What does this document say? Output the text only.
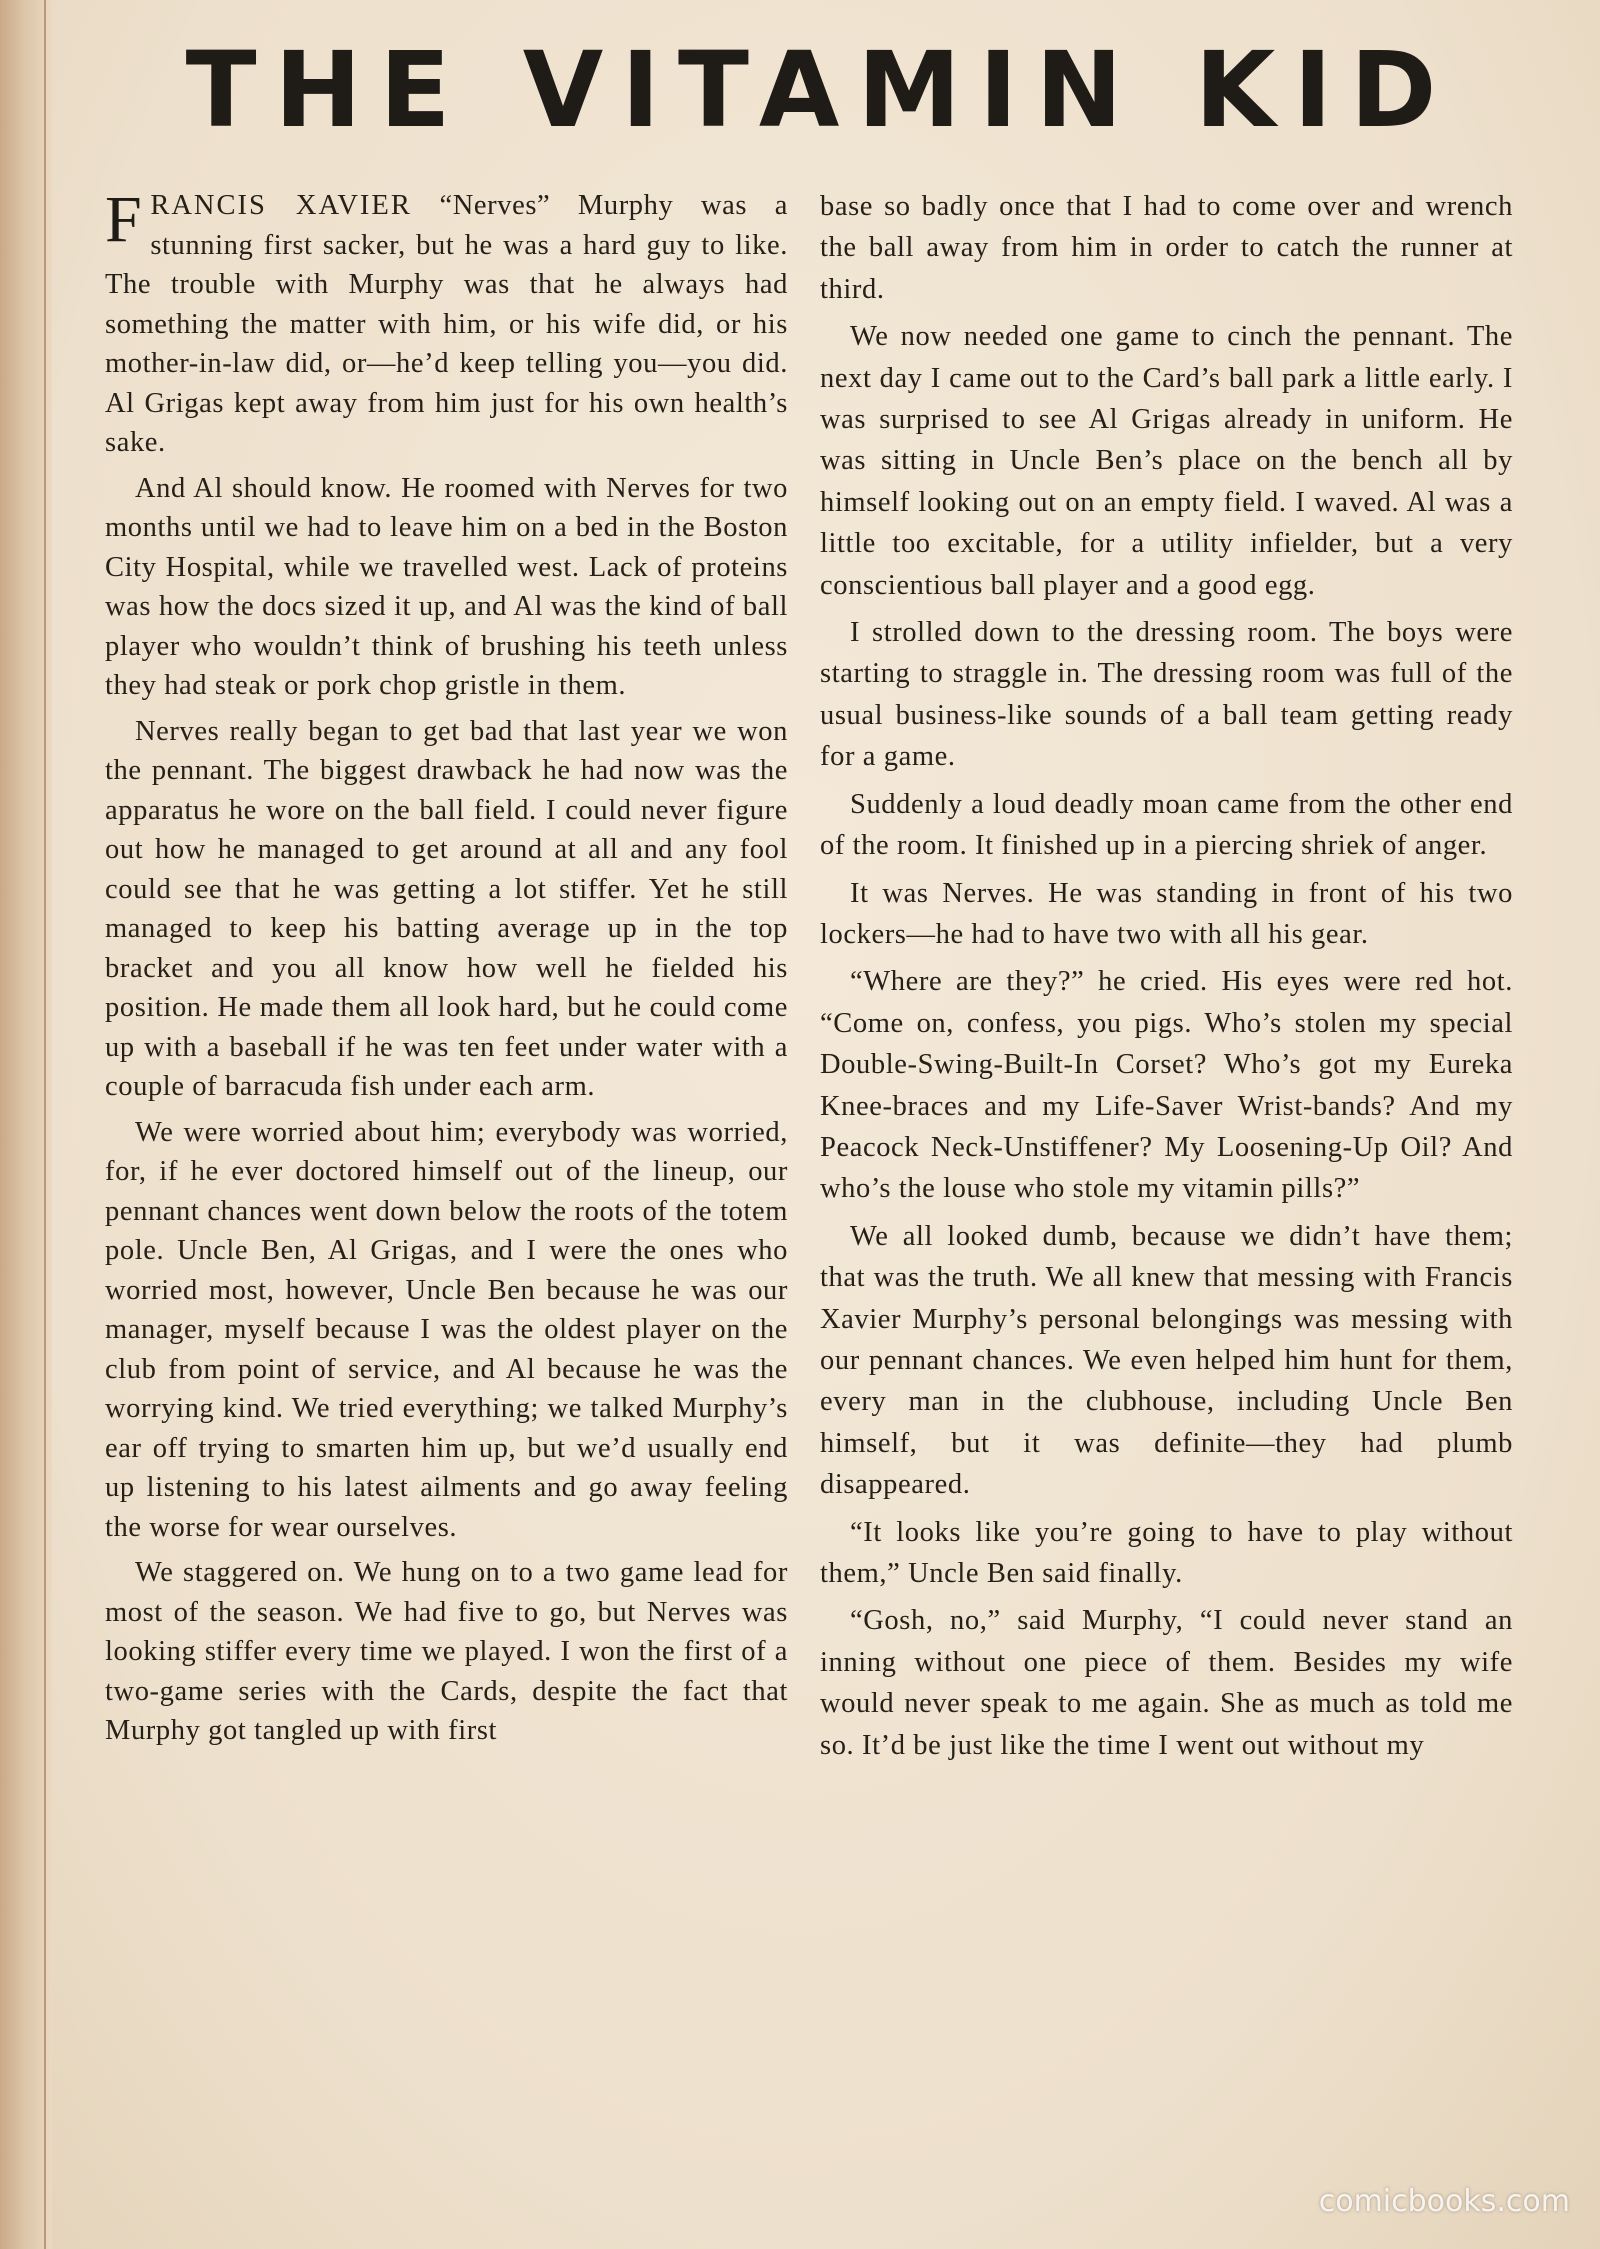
THE VITAMIN KID

FRANCIS XAVIER “Nerves” Murphy was a stunning first sacker, but he was a hard guy to like. The trouble with Murphy was that he always had something the matter with him, or his wife did, or his mother-in-law did, or—he’d keep telling you—you did. Al Grigas kept away from him just for his own health’s sake.

And Al should know. He roomed with Nerves for two months until we had to leave him on a bed in the Boston City Hospital, while we travelled west. Lack of proteins was how the docs sized it up, and Al was the kind of ball player who wouldn’t think of brushing his teeth unless they had steak or pork chop gristle in them.

Nerves really began to get bad that last year we won the pennant. The biggest drawback he had now was the apparatus he wore on the ball field. I could never figure out how he managed to get around at all and any fool could see that he was getting a lot stiffer. Yet he still managed to keep his batting average up in the top bracket and you all know how well he fielded his position. He made them all look hard, but he could come up with a baseball if he was ten feet under water with a couple of barracuda fish under each arm.

We were worried about him; everybody was worried, for, if he ever doctored himself out of the lineup, our pennant chances went down below the roots of the totem pole. Uncle Ben, Al Grigas, and I were the ones who worried most, however, Uncle Ben because he was our manager, myself because I was the oldest player on the club from point of service, and Al because he was the worrying kind. We tried everything; we talked Murphy’s ear off trying to smarten him up, but we’d usually end up listening to his latest ailments and go away feeling the worse for wear ourselves.

We staggered on. We hung on to a two game lead for most of the season. We had five to go, but Nerves was looking stiffer every time we played. I won the first of a two-game series with the Cards, despite the fact that Murphy got tangled up with first

base so badly once that I had to come over and wrench the ball away from him in order to catch the runner at third.

We now needed one game to cinch the pennant. The next day I came out to the Card’s ball park a little early. I was surprised to see Al Grigas already in uniform. He was sitting in Uncle Ben’s place on the bench all by himself looking out on an empty field. I waved. Al was a little too excitable, for a utility infielder, but a very conscientious ball player and a good egg.

I strolled down to the dressing room. The boys were starting to straggle in. The dressing room was full of the usual business-like sounds of a ball team getting ready for a game.

Suddenly a loud deadly moan came from the other end of the room. It finished up in a piercing shriek of anger.

It was Nerves. He was standing in front of his two lockers—he had to have two with all his gear.

“Where are they?” he cried. His eyes were red hot. “Come on, confess, you pigs. Who’s stolen my special Double-Swing-Built-In Corset? Who’s got my Eureka Knee-braces and my Life-Saver Wrist-bands? And my Peacock Neck-Unstiffener? My Loosening-Up Oil? And who’s the louse who stole my vitamin pills?”

We all looked dumb, because we didn’t have them; that was the truth. We all knew that messing with Francis Xavier Murphy’s personal belongings was messing with our pennant chances. We even helped him hunt for them, every man in the clubhouse, including Uncle Ben himself, but it was definite—they had plumb disappeared.

“It looks like you’re going to have to play without them,” Uncle Ben said finally.

“Gosh, no,” said Murphy, “I could never stand an inning without one piece of them. Besides my wife would never speak to me again. She as much as told me so. It’d be just like the time I went out without my

comicbooks.com
